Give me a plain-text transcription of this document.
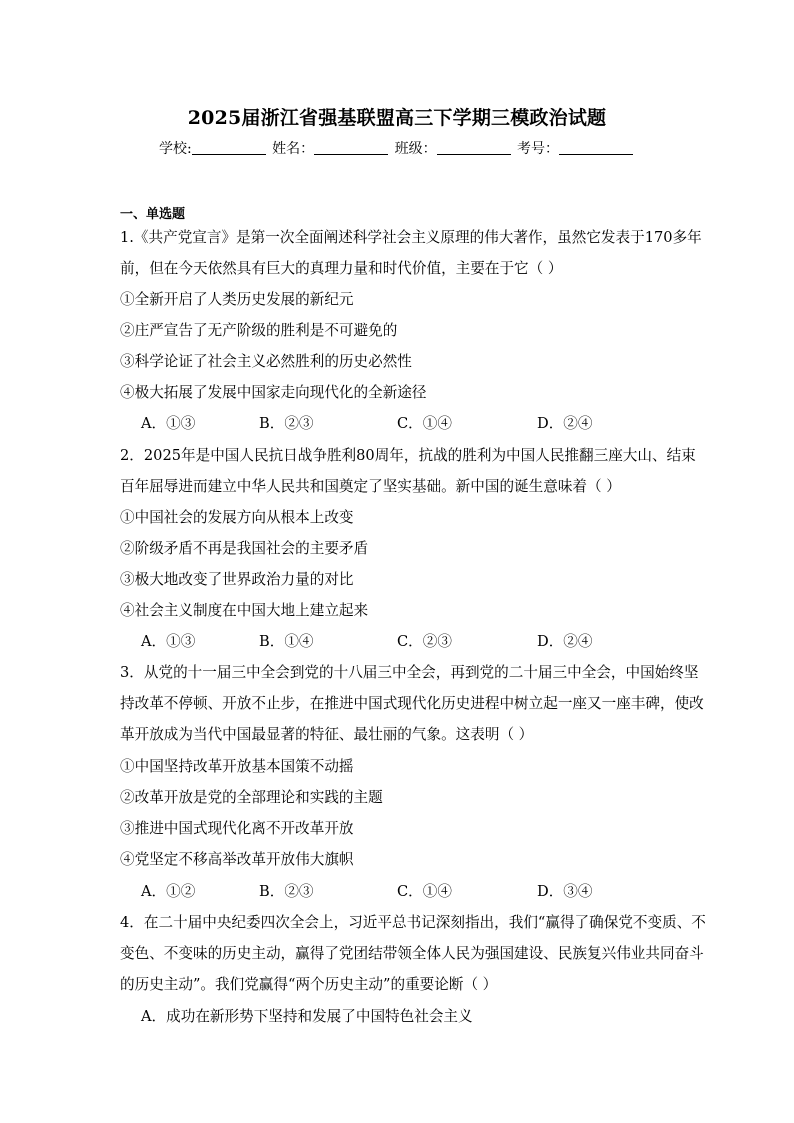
2025届浙江省强基联盟高三下学期三模政治试题
学校:	姓名：	班级：	考号：
一、单选题
1.《共产党宣言》是第一次全面阐述科学社会主义原理的伟大著作，虽然它发表于170多年
前，但在今天依然具有巨大的真理力量和时代价值，主要在于它（ ）
①全新开启了人类历史发展的新纪元
②庄严宣告了无产阶级的胜利是不可避免的
③科学论证了社会主义必然胜利的历史必然性
④极大拓展了发展中国家走向现代化的全新途径
A．①③	B．②③	C．①④	D．②④
2．2025年是中国人民抗日战争胜利80周年，抗战的胜利为中国人民推翻三座大山、结束
百年屈辱进而建立中华人民共和国奠定了坚实基础。新中国的诞生意味着（ ）
①中国社会的发展方向从根本上改变
②阶级矛盾不再是我国社会的主要矛盾
③极大地改变了世界政治力量的对比
④社会主义制度在中国大地上建立起来
A．①③	B．①④	C．②③	D．②④
3．从党的十一届三中全会到党的十八届三中全会，再到党的二十届三中全会，中国始终坚
持改革不停顿、开放不止步，在推进中国式现代化历史进程中树立起一座又一座丰碑，使改
革开放成为当代中国最显著的特征、最壮丽的气象。这表明（ ）
①中国坚持改革开放基本国策不动摇
②改革开放是党的全部理论和实践的主题
③推进中国式现代化离不开改革开放
④党坚定不移高举改革开放伟大旗帜
A．①②	B．②③	C．①④	D．③④
4．在二十届中央纪委四次全会上，习近平总书记深刻指出，我们“赢得了确保党不变质、不
变色、不变味的历史主动，赢得了党团结带领全体人民为强国建设、民族复兴伟业共同奋斗
的历史主动”。我们党赢得“两个历史主动”的重要论断（ ）
A．成功在新形势下坚持和发展了中国特色社会主义
